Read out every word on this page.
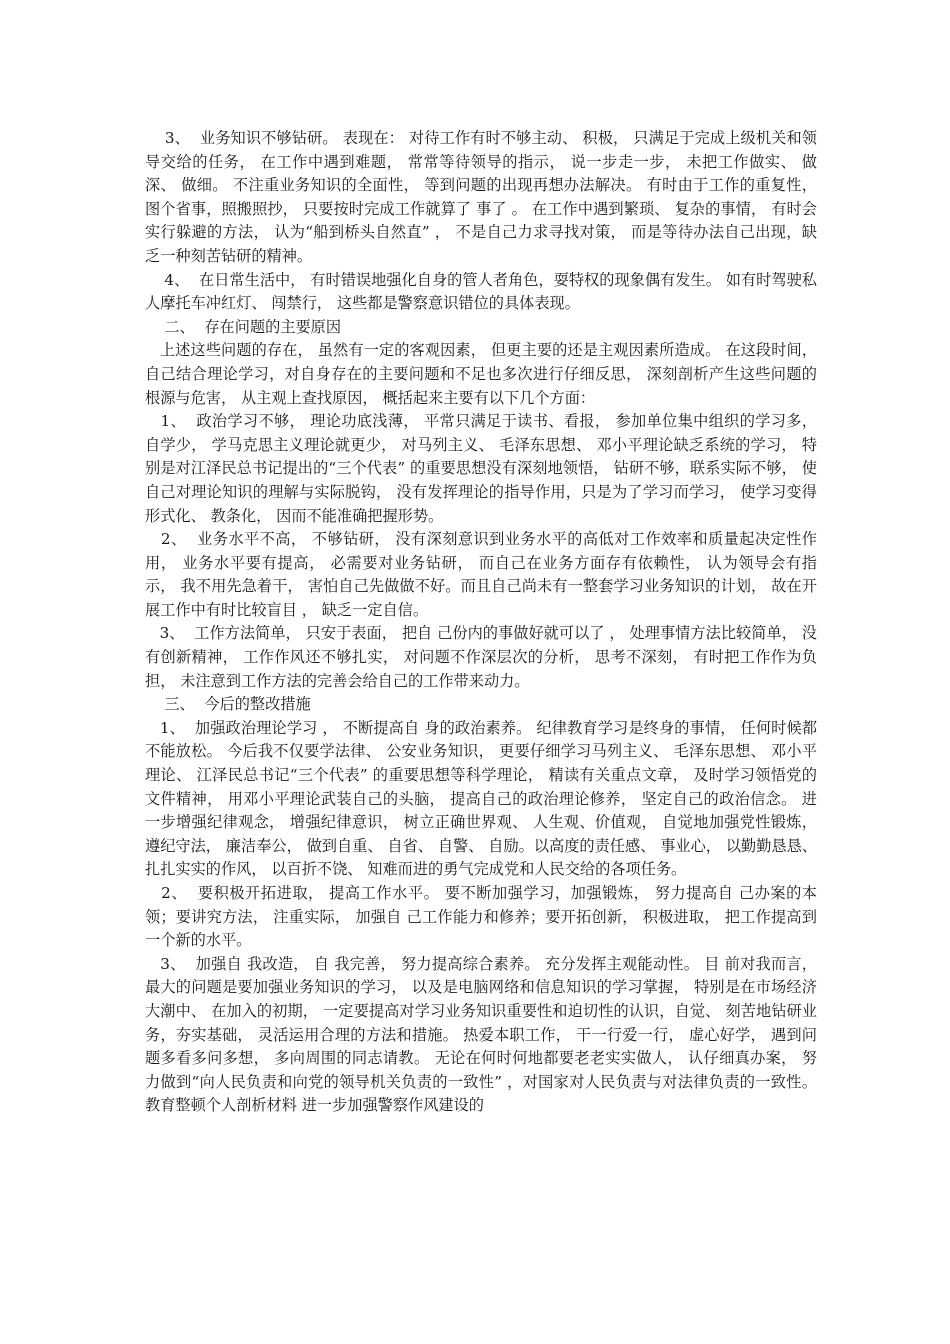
3、  业务知识不够钻研。 表现在： 对待工作有时不够主动、 积极， 只满足于完成上级机关和领导交给的任务， 在工作中遇到难题， 常常等待领导的指示， 说一步走一步， 未把工作做实、 做深、 做细。 不注重业务知识的全面性， 等到问题的出现再想办法解决。 有时由于工作的重复性， 图个省事，照搬照抄， 只要按时完成工作就算了 事了 。 在工作中遇到繁琐、 复杂的事情， 有时会实行躲避的方法， 认为“船到桥头自然直” ， 不是自己力求寻找对策， 而是等待办法自己出现，缺乏一种刻苦钻研的精神。

4、  在日常生活中， 有时错误地强化自身的管人者角色，耍特权的现象偶有发生。 如有时驾驶私人摩托车冲红灯、 闯禁行， 这些都是警察意识错位的具体表现。

二、  存在问题的主要原因

上述这些问题的存在， 虽然有一定的客观因素， 但更主要的还是主观因素所造成。 在这段时间， 自己结合理论学习，对自身存在的主要问题和不足也多次进行仔细反思， 深刻剖析产生这些问题的根源与危害， 从主观上查找原因， 概括起来主要有以下几个方面：

1、  政治学习不够， 理论功底浅薄， 平常只满足于读书、看报， 参加单位集中组织的学习多， 自学少， 学马克思主义理论就更少， 对马列主义、 毛泽东思想、 邓小平理论缺乏系统的学习， 特别是对江泽民总书记提出的“三个代表” 的重要思想没有深刻地领悟， 钻研不够，联系实际不够， 使自己对理论知识的理解与实际脱钩， 没有发挥理论的指导作用，只是为了学习而学习， 使学习变得形式化、 教条化， 因而不能准确把握形势。

2、  业务水平不高， 不够钻研， 没有深刻意识到业务水平的高低对工作效率和质量起决定性作用， 业务水平要有提高， 必需要对业务钻研， 而自己在业务方面存有依赖性， 认为领导会有指示， 我不用先急着干， 害怕自己先做做不好。而且自己尚未有一整套学习业务知识的计划， 故在开展工作中有时比较盲目 ， 缺乏一定自信。

3、  工作方法简单， 只安于表面， 把自 己份内的事做好就可以了 ， 处理事情方法比较简单， 没有创新精神， 工作作风还不够扎实， 对问题不作深层次的分析， 思考不深刻， 有时把工作作为负担， 未注意到工作方法的完善会给自己的工作带来动力。

三、  今后的整改措施

1、  加强政治理论学习 ， 不断提高自 身的政治素养。 纪律教育学习是终身的事情， 任何时候都不能放松。 今后我不仅要学法律、 公安业务知识， 更要仔细学习马列主义、 毛泽东思想、 邓小平理论、 江泽民总书记“三个代表” 的重要思想等科学理论， 精读有关重点文章， 及时学习领悟党的文件精神， 用邓小平理论武装自己的头脑， 提高自己的政治理论修养， 坚定自己的政治信念。 进一步增强纪律观念， 增强纪律意识， 树立正确世界观、 人生观、价值观， 自觉地加强党性锻炼， 遵纪守法， 廉洁奉公， 做到自重、 自省、 自警、 自励。以高度的责任感、 事业心， 以勤勤恳恳、 扎扎实实的作风， 以百折不饶、 知难而进的勇气完成党和人民交给的各项任务。

2、  要积极开拓进取， 提高工作水平。 要不断加强学习，加强锻炼， 努力提高自 己办案的本领；要讲究方法， 注重实际， 加强自 己工作能力和修养；要开拓创新， 积极进取， 把工作提高到一个新的水平。

3、  加强自 我改造， 自 我完善， 努力提高综合素养。 充分发挥主观能动性。 目 前对我而言， 最大的问题是要加强业务知识的学习， 以及是电脑网络和信息知识的学习掌握， 特别是在市场经济大潮中、 在加入的初期， 一定要提高对学习业务知识重要性和迫切性的认识，自觉、 刻苦地钻研业务，夯实基础， 灵活运用合理的方法和措施。 热爱本职工作， 干一行爱一行， 虚心好学， 遇到问题多看多问多想， 多向周围的同志请教。 无论在何时何地都要老老实实做人， 认仔细真办案， 努力做到“向人民负责和向党的领导机关负责的一致性” ，对国家对人民负责与对法律负责的一致性。教育整顿个人剖析材料 进一步加强警察作风建设的
